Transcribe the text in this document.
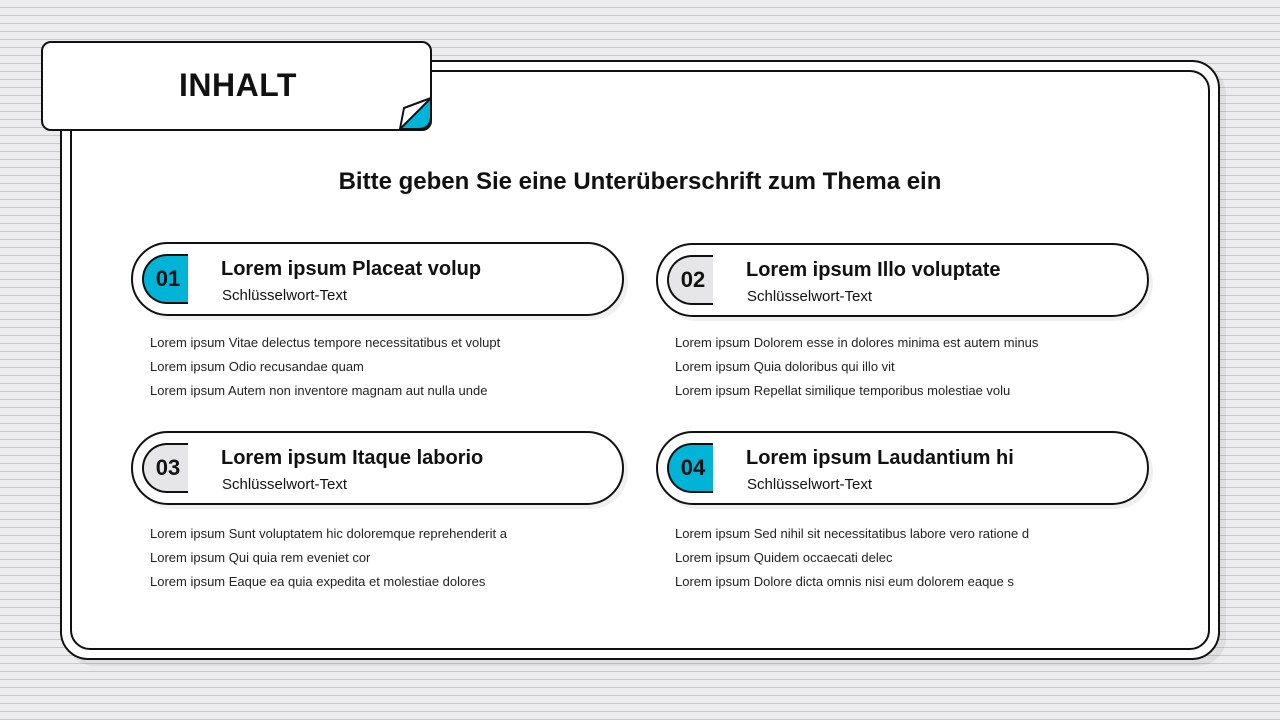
INHALT
Bitte geben Sie eine Unterüberschrift zum Thema ein
01	Lorem ipsum Placeat volup
Schlüsselwort-Text
Lorem ipsum Vitae delectus tempore necessitatibus et volupt
Lorem ipsum Odio recusandae quam
Lorem ipsum Autem non inventore magnam aut nulla unde
02	Lorem ipsum Illo voluptate
Schlüsselwort-Text
Lorem ipsum Dolorem esse in dolores minima est autem minus
Lorem ipsum Quia doloribus qui illo vit
Lorem ipsum Repellat similique temporibus molestiae volu
03	Lorem ipsum Itaque laborio
Schlüsselwort-Text
Lorem ipsum Sunt voluptatem hic doloremque reprehenderit a
Lorem ipsum Qui quia rem eveniet cor
Lorem ipsum Eaque ea quia expedita et molestiae dolores
04	Lorem ipsum Laudantium hi
Schlüsselwort-Text
Lorem ipsum Sed nihil sit necessitatibus labore vero ratione d
Lorem ipsum Quidem occaecati delec
Lorem ipsum Dolore dicta omnis nisi eum dolorem eaque s
